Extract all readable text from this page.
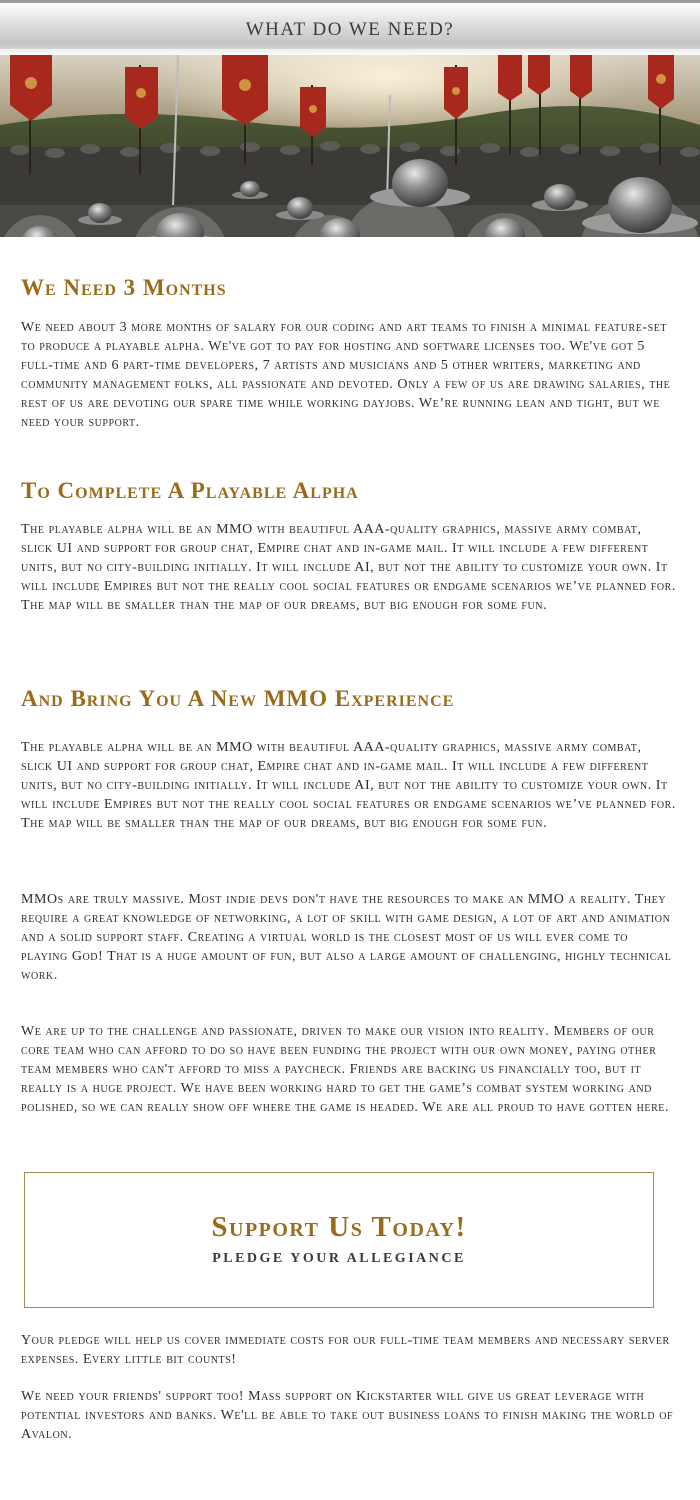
WHAT DO WE NEED?
We Need 3 Months

We need about 3 more months of salary for our coding and art teams to finish a minimal feature-set to produce a playable alpha. We've got to pay for hosting and software licenses too. We've got 5 full-time and 6 part-time developers, 7 artists and musicians and 5 other writers, marketing and community management folks, all passionate and devoted. Only a few of us are drawing salaries, the rest of us are devoting our spare time while working dayjobs. We’re running lean and tight, but we need your support.

To Complete A Playable Alpha

The playable alpha will be an MMO with beautiful AAA-quality graphics, massive army combat, slick UI and support for group chat, Empire chat and in-game mail. It will include a few different units, but no city-building initially. It will include AI, but not the ability to customize your own. It will include Empires but not the really cool social features or endgame scenarios we’ve planned for. The map will be smaller than the map of our dreams, but big enough for some fun.

And Bring You A New MMO Experience

The playable alpha will be an MMO with beautiful AAA-quality graphics, massive army combat, slick UI and support for group chat, Empire chat and in-game mail. It will include a few different units, but no city-building initially. It will include AI, but not the ability to customize your own. It will include Empires but not the really cool social features or endgame scenarios we’ve planned for. The map will be smaller than the map of our dreams, but big enough for some fun.

MMOs are truly massive. Most indie devs don't have the resources to make an MMO a reality. They require a great knowledge of networking, a lot of skill with game design, a lot of art and animation and a solid support staff. Creating a virtual world is the closest most of us will ever come to playing God! That is a huge amount of fun, but also a large amount of challenging, highly technical work.

We are up to the challenge and passionate, driven to make our vision into reality. Members of our core team who can afford to do so have been funding the project with our own money, paying other team members who can't afford to miss a paycheck. Friends are backing us financially too, but it really is a huge project. We have been working hard to get the game’s combat system working and polished, so we can really show off where the game is headed. We are all proud to have gotten here.

Support Us Today!
PLEDGE YOUR ALLEGIANCE

Your pledge will help us cover immediate costs for our full-time team members and necessary server expenses. Every little bit counts!

We need your friends' support too! Mass support on Kickstarter will give us great leverage with potential investors and banks. We'll be able to take out business loans to finish making the world of Avalon.
